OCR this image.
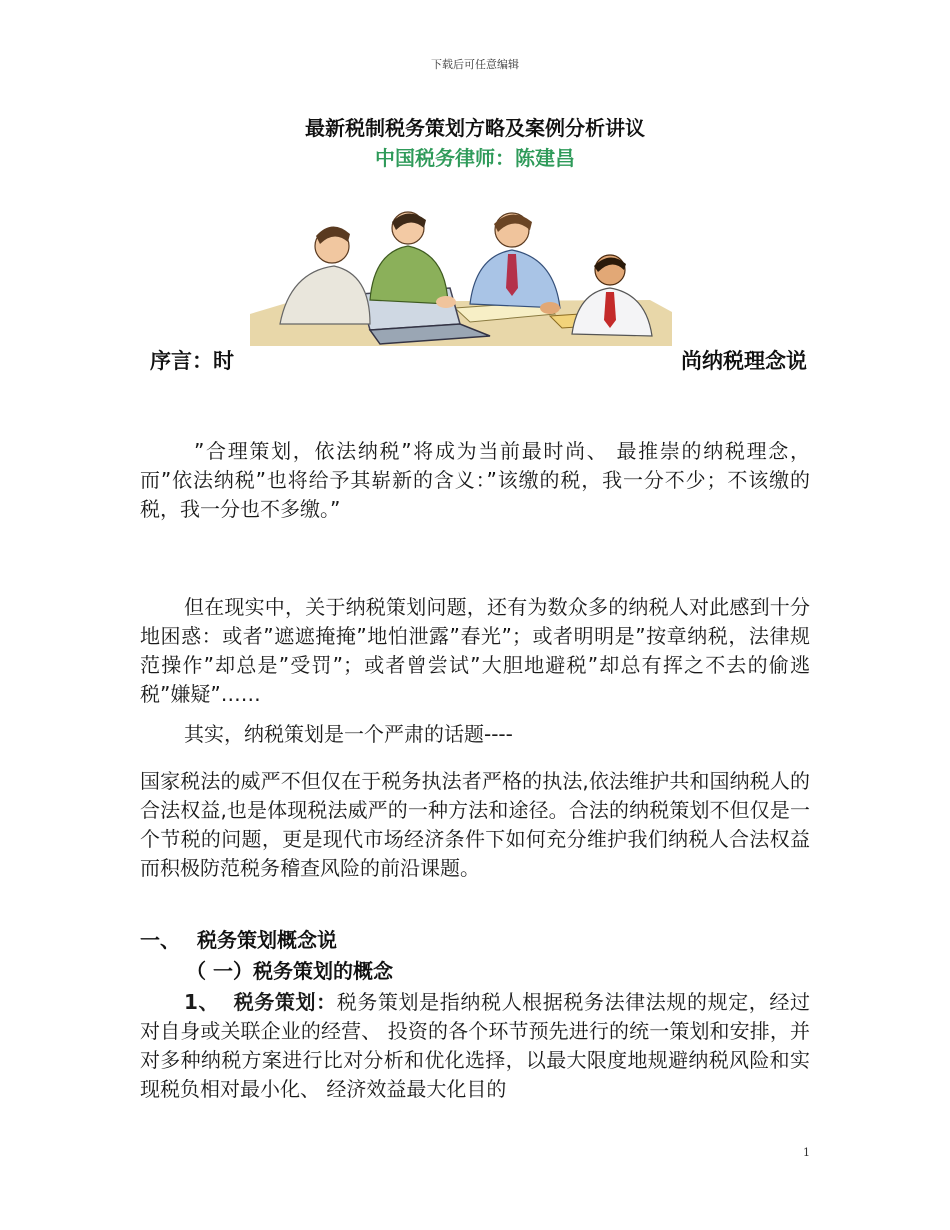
下载后可任意编辑
最新税制税务策划方略及案例分析讲议
中国税务律师：陈建昌
序言：时	尚纳税理念说
”合理策划，依法纳税”将成为当前最时尚、 最推崇的纳税理念，而”依法纳税”也将给予其崭新的含义：”该缴的税，我一分不少；不该缴的税，我一分也不多缴。”
但在现实中，关于纳税策划问题，还有为数众多的纳税人对此感到十分地困惑：或者”遮遮掩掩”地怕泄露”春光”；或者明明是”按章纳税，法律规范操作”却总是”受罚”；或者曾尝试”大胆地避税”却总有挥之不去的偷逃税”嫌疑”……
其实，纳税策划是一个严肃的话题----
国家税法的威严不但仅在于税务执法者严格的执法,依法维护共和国纳税人的合法权益,也是体现税法威严的一种方法和途径。合法的纳税策划不但仅是一个节税的问题，更是现代市场经济条件下如何充分维护我们纳税人合法权益而积极防范税务稽查风险的前沿课题。
一、 税务策划概念说
（ 一）税务策划的概念
1、 税务策划：税务策划是指纳税人根据税务法律法规的规定，经过对自身或关联企业的经营、 投资的各个环节预先进行的统一策划和安排，并对多种纳税方案进行比对分析和优化选择，以最大限度地规避纳税风险和实现税负相对最小化、 经济效益最大化目的
1
